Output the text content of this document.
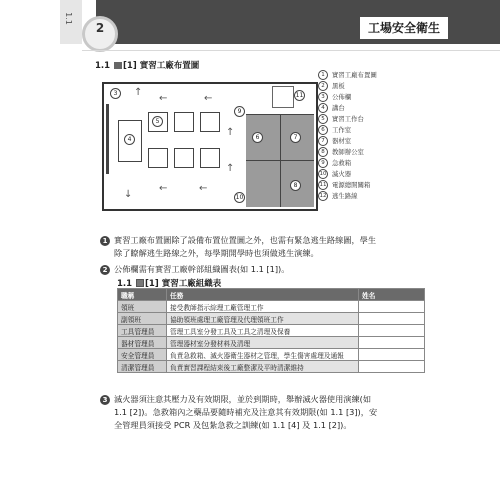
1.1
2	工場安全衛生
1.1 [1] 實習工廠布置圖
↑
←	←
↑
↑
←	←
↓
3
4
5
9
6	7
8
10
11
1 實習工廠布置圖
2 黑板
3 公佈欄
4 講台
5 實習工作台
6 工作室
7 器材室
8 教師辦公室
9 急救箱
10 滅火器
11 電源總開關箱
12 逃生路線
1 實習工廠布置圖除了設備布置位置圖之外，也需有緊急逃生路線圖，學生
除了瞭解逃生路線之外，每學期開學時也須做逃生演練。
2 公佈欄需有實習工廠幹部組織圖表(如 1.1 [1])。
1.1 [1] 實習工廠組織表
職稱	任務	姓名
領班	接受教師指示綜理工廠管理工作	
副領班	協助領班處理工廠管理及代理領班工作	
工具管理員	管理工具室分發工具及工具之清理及保養	
器材管理員	管理器材室分發材料及清理	
安全管理員	負責急救箱、滅火器衛生器材之管理，學生傷害處理及通報	
清潔管理員	負責實習課程結束後工廠整潔及平時清潔維持	
3 滅火器須注意其壓力及有效期限，並於到期時，舉辦滅火器使用演練(如
1.1 [2])。急救箱內之藥品要隨時補充及注意其有效期限(如 1.1 [3])，安
全管理員須接受 PCR 及包紮急救之訓練(如 1.1 [4] 及 1.1 [2])。
